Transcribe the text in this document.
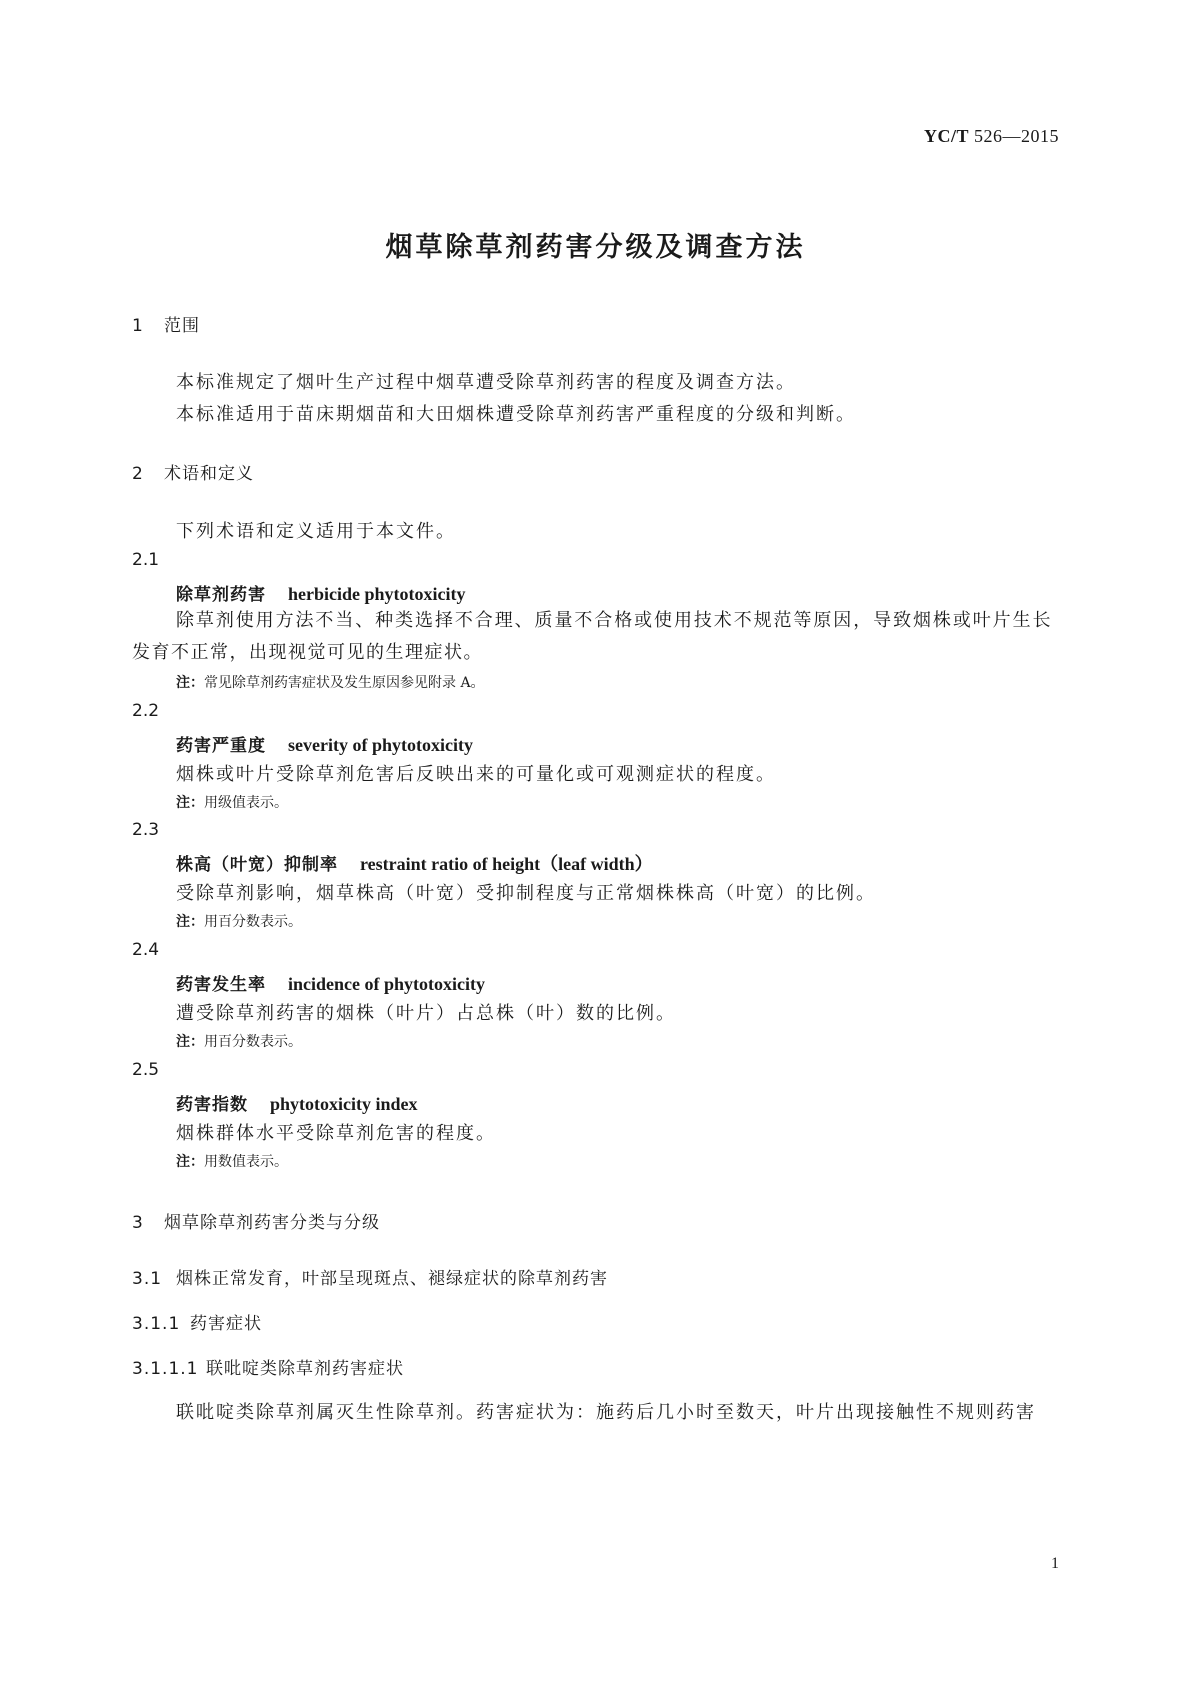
YC/T 526—2015
烟草除草剂药害分级及调查方法
1 范围
本标准规定了烟叶生产过程中烟草遭受除草剂药害的程度及调查方法。
本标准适用于苗床期烟苗和大田烟株遭受除草剂药害严重程度的分级和判断。
2 术语和定义
下列术语和定义适用于本文件。
2.1
除草剂药害 herbicide phytotoxicity
除草剂使用方法不当、种类选择不合理、质量不合格或使用技术不规范等原因，导致烟株或叶片生长发育不正常，出现视觉可见的生理症状。
注：常见除草剂药害症状及发生原因参见附录 A。
2.2
药害严重度 severity of phytotoxicity
烟株或叶片受除草剂危害后反映出来的可量化或可观测症状的程度。
注：用级值表示。
2.3
株高（叶宽）抑制率 restraint ratio of height（leaf width）
受除草剂影响，烟草株高（叶宽）受抑制程度与正常烟株株高（叶宽）的比例。
注：用百分数表示。
2.4
药害发生率 incidence of phytotoxicity
遭受除草剂药害的烟株（叶片）占总株（叶）数的比例。
注：用百分数表示。
2.5
药害指数 phytotoxicity index
烟株群体水平受除草剂危害的程度。
注：用数值表示。
3 烟草除草剂药害分类与分级
3.1 烟株正常发育，叶部呈现斑点、褪绿症状的除草剂药害
3.1.1 药害症状
3.1.1.1 联吡啶类除草剂药害症状
联吡啶类除草剂属灭生性除草剂。药害症状为：施药后几小时至数天，叶片出现接触性不规则药害
1
